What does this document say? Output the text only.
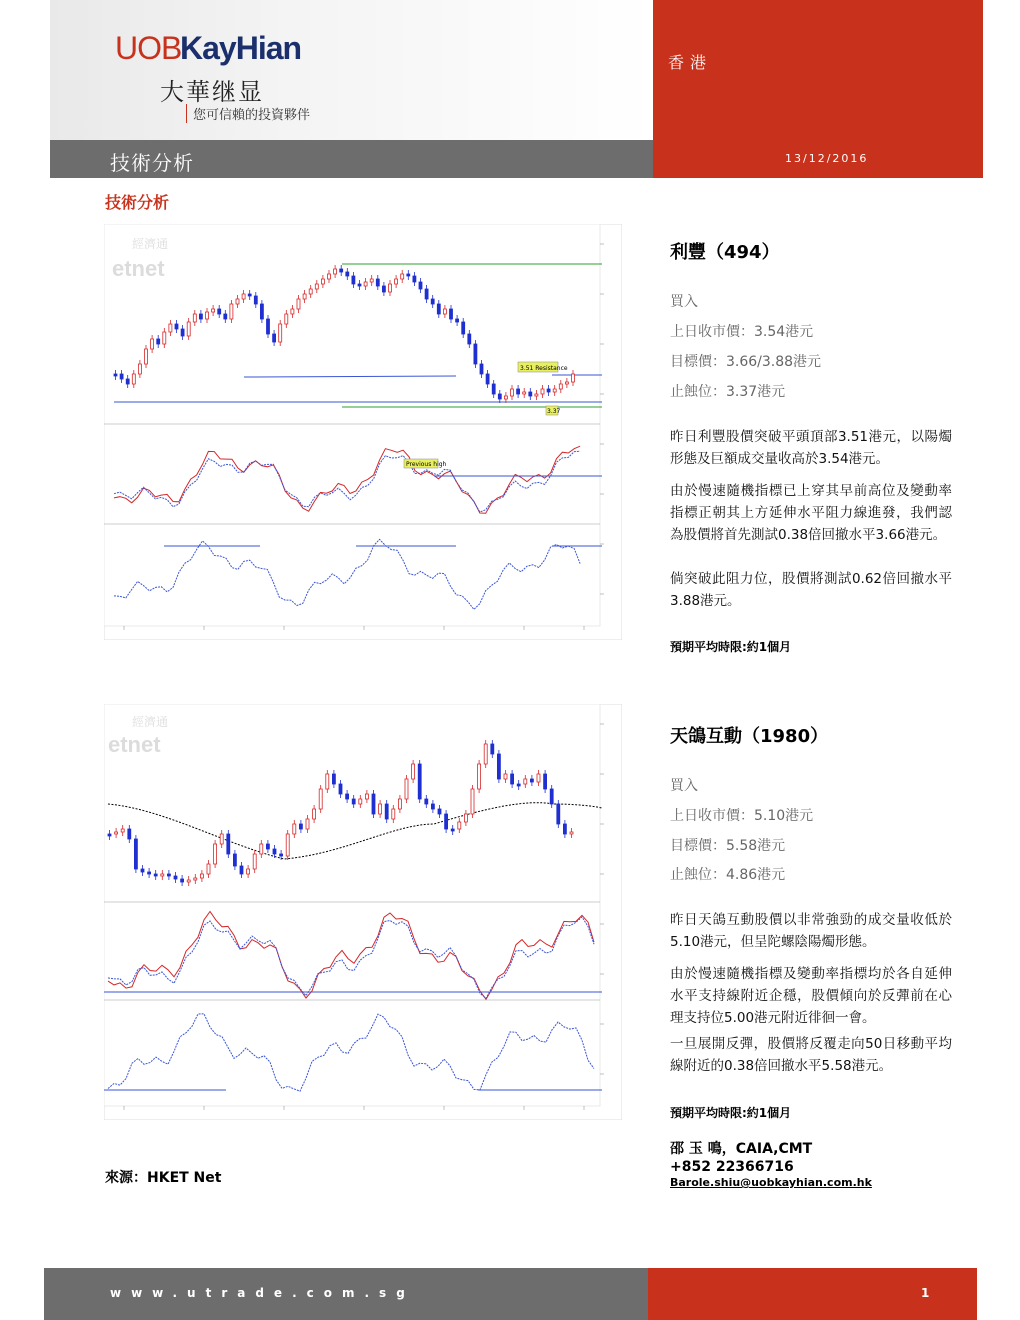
UOB
KayHian
大華继显
您可信賴的投資夥伴
技術分析
香港
13/12/2016
技術分析
經濟通
etnet
3.51 Resistance
3.37
Previous high
經濟通
etnet
利豐（494）
買入
上日收市價：3.54港元
目標價：3.66/3.88港元
止蝕位：3.37港元
昨日利豐股價突破平頭頂部3.51港元，以陽燭形態及巨額成交量收高於3.54港元。
由於慢速隨機指標已上穿其早前高位及變動率指標正朝其上方延伸水平阻力線進發，我們認為股價將首先測試0.38倍回撤水平3.66港元。
倘突破此阻力位，股價將測試0.62倍回撤水平3.88港元。
預期平均時限:約1個月
天鴿互動（1980）
買入
上日收市價：5.10港元
目標價：5.58港元
止蝕位：4.86港元
昨日天鴿互動股價以非常強勁的成交量收低於5.10港元，但呈陀螺陰陽燭形態。
由於慢速隨機指標及變動率指標均於各自延伸水平支持線附近企穩，股價傾向於反彈前在心理支持位5.00港元附近徘徊一會。
一旦展開反彈，股價將反覆走向50日移動平均線附近的0.38倍回撤水平5.58港元。
預期平均時限:約1個月
來源：HKET Net
邵 玉 鳴，CAIA,CMT
+852 22366716
Barole.shiu@uobkayhian.com.hk
www.utrade.com.sg	1
